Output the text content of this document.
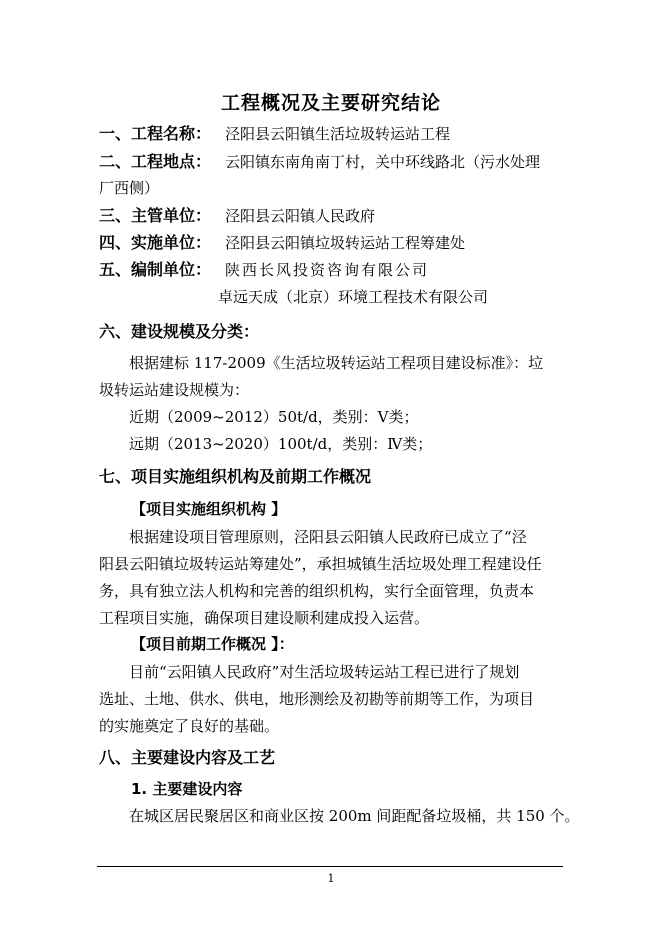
工程概况及主要研究结论
一、工程名称： 泾阳县云阳镇生活垃圾转运站工程
二、工程地点： 云阳镇东南角南丁村，关中环线路北（污水处理
厂西侧）
三、主管单位： 泾阳县云阳镇人民政府
四、实施单位： 泾阳县云阳镇垃圾转运站工程筹建处
五、编制单位： 陕西长风投资咨询有限公司
卓远天成（北京）环境工程技术有限公司
六、建设规模及分类：
根据建标 117-2009《生活垃圾转运站工程项目建设标准》：垃
圾转运站建设规模为：
近期（2009~2012）50t/d，类别：Ⅴ类；
远期（2013~2020）100t/d，类别：Ⅳ类；
七、项目实施组织机构及前期工作概况
【项目实施组织机构 】
根据建设项目管理原则，泾阳县云阳镇人民政府已成立了“泾
阳县云阳镇垃圾转运站筹建处”，承担城镇生活垃圾处理工程建设任
务，具有独立法人机构和完善的组织机构，实行全面管理，负责本
工程项目实施，确保项目建设顺利建成投入运营。
【项目前期工作概况 】：
目前“云阳镇人民政府”对生活垃圾转运站工程已进行了规划
选址、土地、供水、供电，地形测绘及初勘等前期等工作，为项目
的实施奠定了良好的基础。
八、主要建设内容及工艺
1. 主要建设内容
在城区居民聚居区和商业区按 200m 间距配备垃圾桶，共 150 个。
1
